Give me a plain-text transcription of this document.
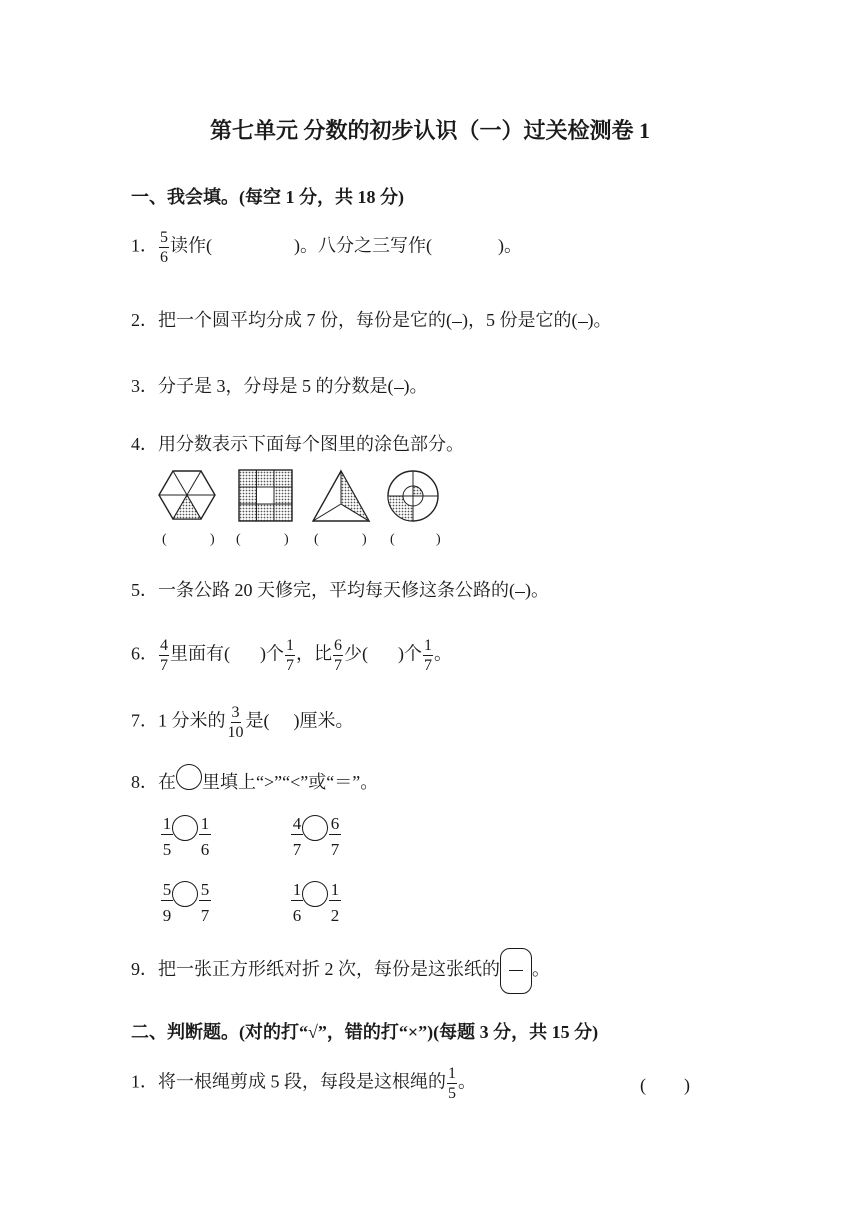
第七单元 分数的初步认识（一）过关检测卷 1
一、我会填。(每空 1 分，共 18 分)
1． $\frac{5}{6}$ 读作(	)。八分之三写作(	)。
2．把一个圆平均分成 7 份，每份是它的( )，5 份是它的( )。
3．分子是 3，分母是 5 的分数是( )。
4．用分数表示下面每个图里的涂色部分。
(	) (	) (	) (	)
5．一条公路 20 天修完，平均每天修这条公路的( )。
6． $\frac{4}{7}$ 里面有( )个 $\frac{1}{7}$ ，比 $\frac{6}{7}$ 少( )个 $\frac{1}{7}$ 。
7．1 分米的 $\frac{3}{10}$ 是( )厘米。
8．在 里填上“>”“<”或“＝”。
1
5
1
6
4
7
6
7
5
9
5
7
1
6
1
2
9．把一张正方形纸对折 2 次，每份是这张纸的 。
二、判断题。(对的打“√”，错的打“×”)(每题 3 分，共 15 分)
1．将一根绳剪成 5 段，每段是这根绳的 $\frac{1}{5}$ 。	( )
